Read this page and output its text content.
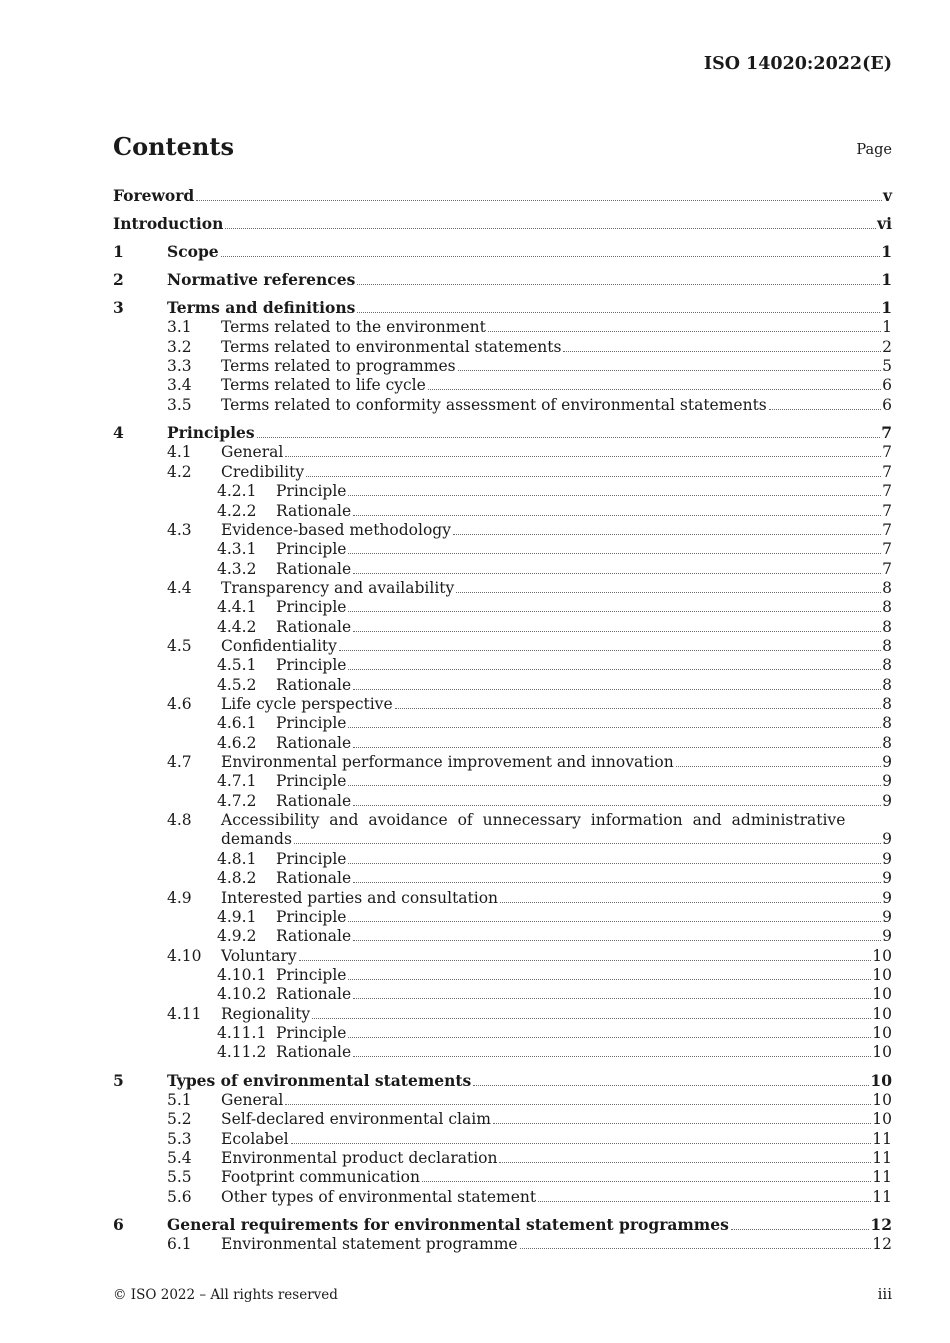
ISO 14020:2022(E)
Contents	Page
Foreword	v
Introduction	vi
1	Scope	1
2	Normative references	1
3	Terms and definitions	1
3.1 Terms related to the environment	1
3.2 Terms related to environmental statements	2
3.3 Terms related to programmes	5
3.4 Terms related to life cycle	6
3.5 Terms related to conformity assessment of environmental statements	6
4	Principles	7
4.1 General	7
4.2 Credibility	7
4.2.1 Principle	7
4.2.2 Rationale	7
4.3 Evidence-based methodology	7
4.3.1 Principle	7
4.3.2 Rationale	7
4.4 Transparency and availability	8
4.4.1 Principle	8
4.4.2 Rationale	8
4.5 Confidentiality	8
4.5.1 Principle	8
4.5.2 Rationale	8
4.6 Life cycle perspective	8
4.6.1 Principle	8
4.6.2 Rationale	8
4.7 Environmental performance improvement and innovation	9
4.7.1 Principle	9
4.7.2 Rationale	9
4.8 Accessibility and avoidance of unnecessary information and administrative
demands	9
4.8.1 Principle	9
4.8.2 Rationale	9
4.9 Interested parties and consultation	9
4.9.1 Principle	9
4.9.2 Rationale	9
4.10 Voluntary	10
4.10.1 Principle	10
4.10.2 Rationale	10
4.11 Regionality	10
4.11.1 Principle	10
4.11.2 Rationale	10
5	Types of environmental statements	10
5.1 General	10
5.2 Self-declared environmental claim	10
5.3 Ecolabel	11
5.4 Environmental product declaration	11
5.5 Footprint communication	11
5.6 Other types of environmental statement	11
6	General requirements for environmental statement programmes	12
6.1 Environmental statement programme	12
© ISO 2022 – All rights reserved	iii
